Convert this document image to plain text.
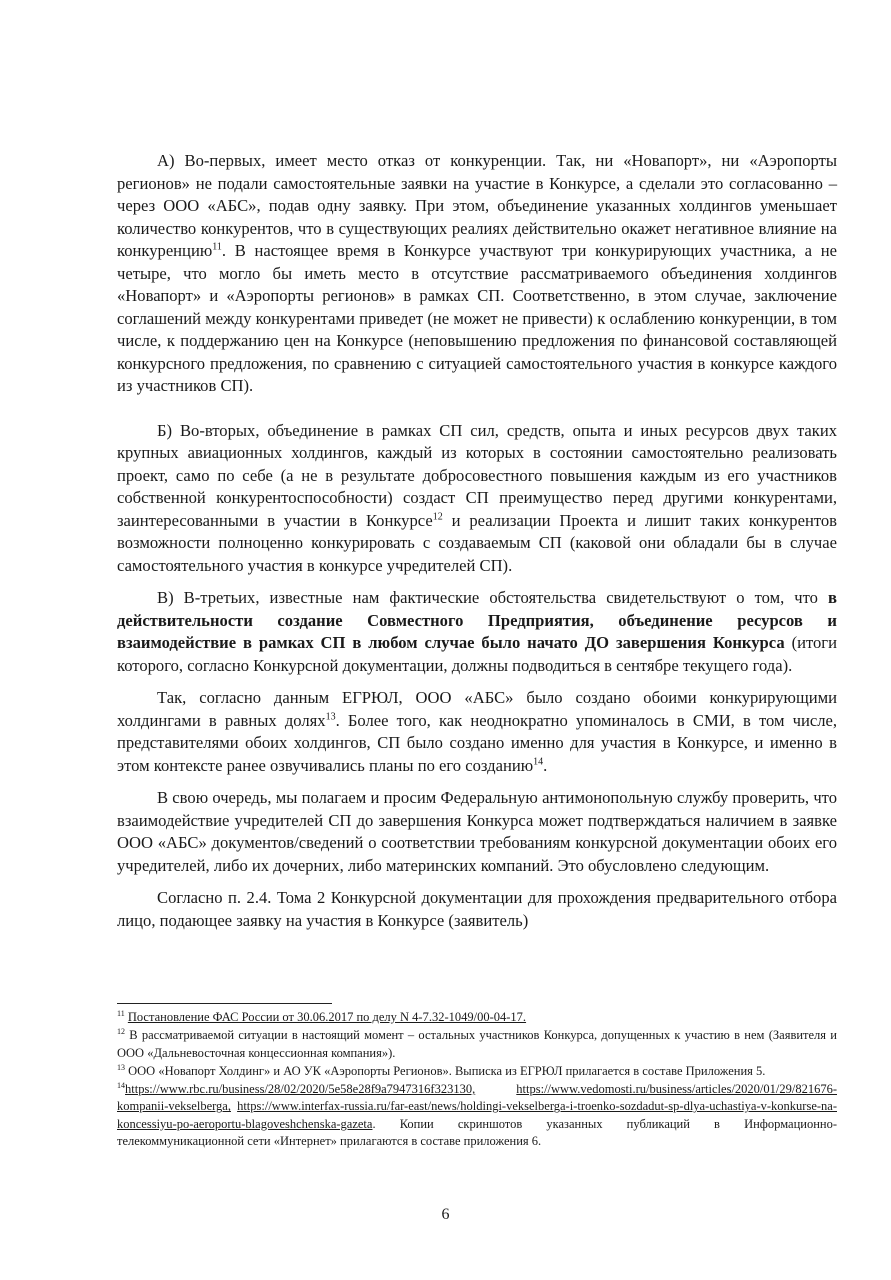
А) Во-первых, имеет место отказ от конкуренции. Так, ни «Новапорт», ни «Аэропорты регионов» не подали самостоятельные заявки на участие в Конкурсе, а сделали это согласованно – через ООО «АБС», подав одну заявку. При этом, объединение указанных холдингов уменьшает количество конкурентов, что в существующих реалиях действительно окажет негативное влияние на конкуренцию$^{11}$. В настоящее время в Конкурсе участвуют три конкурирующих участника, а не четыре, что могло бы иметь место в отсутствие рассматриваемого объединения холдингов «Новапорт» и «Аэропорты регионов» в рамках СП. Соответственно, в этом случае, заключение соглашений между конкурентами приведет (не может не привести) к ослаблению конкуренции, в том числе, к поддержанию цен на Конкурсе (неповышению предложения по финансовой составляющей конкурсного предложения, по сравнению с ситуацией самостоятельного участия в конкурсе каждого из участников СП).

Б) Во-вторых, объединение в рамках СП сил, средств, опыта и иных ресурсов двух таких крупных авиационных холдингов, каждый из которых в состоянии самостоятельно реализовать проект, само по себе (а не в результате добросовестного повышения каждым из его участников собственной конкурентоспособности) создаст СП преимущество перед другими конкурентами, заинтересованными в участии в Конкурсе$^{12}$ и реализации Проекта и лишит таких конкурентов возможности полноценно конкурировать с создаваемым СП (каковой они обладали бы в случае самостоятельного участия в конкурсе учредителей СП).

В) В-третьих, известные нам фактические обстоятельства свидетельствуют о том, что в действительности создание Совместного Предприятия, объединение ресурсов и взаимодействие в рамках СП в любом случае было начато ДО завершения Конкурса (итоги которого, согласно Конкурсной документации, должны подводиться в сентябре текущего года).

Так, согласно данным ЕГРЮЛ, ООО «АБС» было создано обоими конкурирующими холдингами в равных долях$^{13}$. Более того, как неоднократно упоминалось в СМИ, в том числе, представителями обоих холдингов, СП было создано именно для участия в Конкурсе, и именно в этом контексте ранее озвучивались планы по его созданию$^{14}$.

В свою очередь, мы полагаем и просим Федеральную антимонопольную службу проверить, что взаимодействие учредителей СП до завершения Конкурса может подтверждаться наличием в заявке ООО «АБС» документов/сведений о соответствии требованиям конкурсной документации обоих его учредителей, либо их дочерних, либо материнских компаний. Это обусловлено следующим.

Согласно п. 2.4. Тома 2 Конкурсной документации для прохождения предварительного отбора лицо, подающее заявку на участия в Конкурсе (заявитель)

$^{11}$ Постановление ФАС России от 30.06.2017 по делу N 4-7.32-1049/00-04-17.

$^{12}$ В рассматриваемой ситуации в настоящий момент – остальных участников Конкурса, допущенных к участию в нем (Заявителя и ООО «Дальневосточная концессионная компания»).

$^{13}$ ООО «Новапорт Холдинг» и АО УК «Аэропорты Регионов». Выписка из ЕГРЮЛ прилагается в составе Приложения 5.

$^{14}$https://www.rbc.ru/business/28/02/2020/5e58e28f9a7947316f323130,	https://www.vedomosti.ru/business/articles/2020/01/29/821676-kompanii-vekselberga, https://www.interfax-russia.ru/far-east/news/holdingi-vekselberga-i-troenko-sozdadut-sp-dlya-uchastiya-v-konkurse-na-koncessiyu-po-aeroportu-blagoveshchenska-gazeta. Копии скриншотов указанных публикаций в Информационно-телекоммуникационной сети «Интернет» прилагаются в составе приложения 6.

6
